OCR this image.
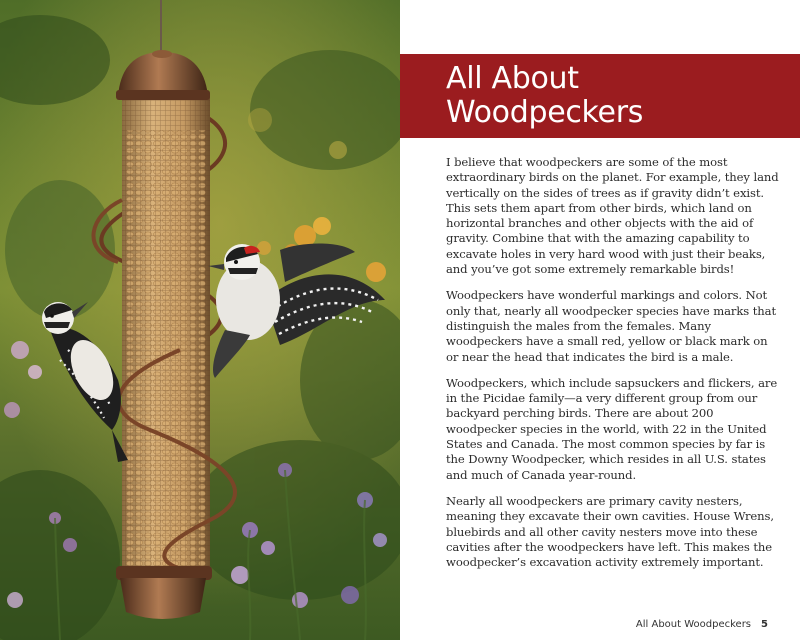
All About
Woodpeckers

I believe that woodpeckers are some of the most extraordinary birds on the planet. For example, they land vertically on the sides of trees as if gravity didn’t exist. This sets them apart from other birds, which land on horizontal branches and other objects with the aid of gravity. Combine that with the amazing capability to excavate holes in very hard wood with just their beaks, and you’ve got some extremely remarkable birds!

Woodpeckers have wonderful markings and colors. Not only that, nearly all woodpecker species have marks that distinguish the males from the females. Many woodpeckers have a small red, yellow or black mark on or near the head that indicates the bird is a male.

Woodpeckers, which include sapsuckers and flickers, are in the Picidae family—a very different group from our backyard perching birds. There are about 200 woodpecker species in the world, with 22 in the United States and Canada. The most common species by far is the Downy Woodpecker, which resides in all U.S. states and much of Canada year-round.

Nearly all woodpeckers are primary cavity nesters, meaning they excavate their own cavities. House Wrens, bluebirds and all other cavity nesters move into these cavities after the woodpeckers have left. This makes the woodpecker’s excavation activity extremely important.

All About Woodpeckers 5
